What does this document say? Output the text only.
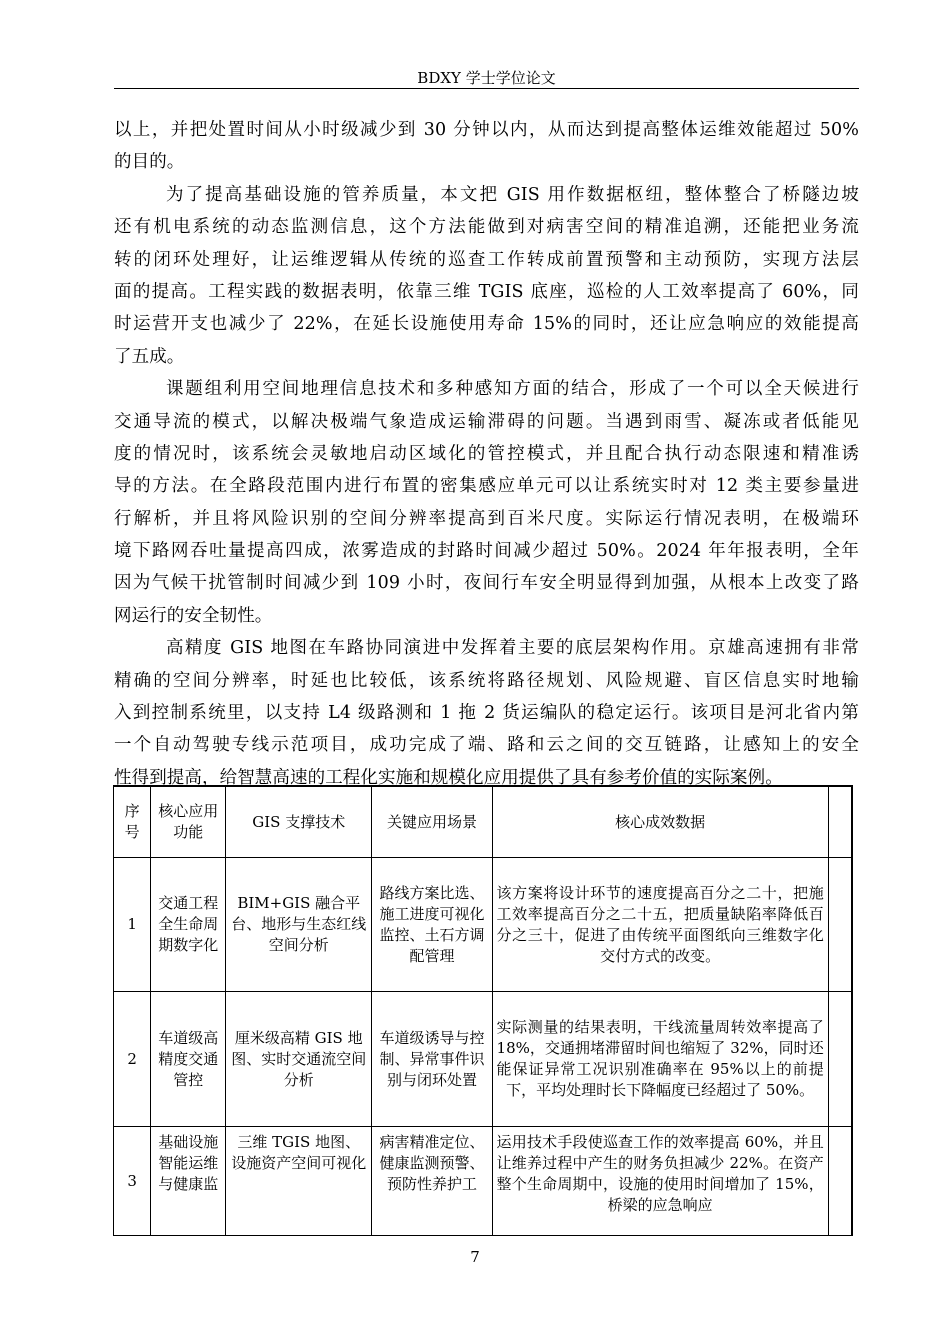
BDXY 学士学位论文
以上，并把处置时间从小时级减少到 30 分钟以内，从而达到提高整体运维效能超过 50%
的目的。
为了提高基础设施的管养质量，本文把 GIS 用作数据枢纽，整体整合了桥隧边坡
还有机电系统的动态监测信息，这个方法能做到对病害空间的精准追溯，还能把业务流
转的闭环处理好，让运维逻辑从传统的巡查工作转成前置预警和主动预防，实现方法层
面的提高。工程实践的数据表明，依靠三维 TGIS 底座，巡检的人工效率提高了 60%，同
时运营开支也减少了 22%，在延长设施使用寿命 15%的同时，还让应急响应的效能提高
了五成。
课题组利用空间地理信息技术和多种感知方面的结合，形成了一个可以全天候进行
交通导流的模式，以解决极端气象造成运输滞碍的问题。当遇到雨雪、凝冻或者低能见
度的情况时，该系统会灵敏地启动区域化的管控模式，并且配合执行动态限速和精准诱
导的方法。在全路段范围内进行布置的密集感应单元可以让系统实时对 12 类主要参量进
行解析，并且将风险识别的空间分辨率提高到百米尺度。实际运行情况表明，在极端环
境下路网吞吐量提高四成，浓雾造成的封路时间减少超过 50%。2024 年年报表明，全年
因为气候干扰管制时间减少到 109 小时，夜间行车安全明显得到加强，从根本上改变了路
网运行的安全韧性。
高精度 GIS 地图在车路协同演进中发挥着主要的底层架构作用。京雄高速拥有非常
精确的空间分辨率，时延也比较低，该系统将路径规划、风险规避、盲区信息实时地输
入到控制系统里，以支持 L4 级路测和 1 拖 2 货运编队的稳定运行。该项目是河北省内第
一个自动驾驶专线示范项目，成功完成了端、路和云之间的交互链路，让感知上的安全
性得到提高，给智慧高速的工程化实施和规模化应用提供了具有参考价值的实际案例。
序号	核心应用功能	GIS 支撑技术	关键应用场景	核心成效数据	
1	交通工程全生命周期数字化	BIM+GIS 融合平台、地形与生态红线空间分析	路线方案比选、施工进度可视化监控、土石方调配管理	该方案将设计环节的速度提高百分之二十，把施工效率提高百分之二十五，把质量缺陷率降低百分之三十，促进了由传统平面图纸向三维数字化交付方式的改变。	
2	车道级高精度交通管控	厘米级高精 GIS 地图、实时交通流空间分析	车道级诱导与控制、异常事件识别与闭环处置	实际测量的结果表明，干线流量周转效率提高了 18%，交通拥堵滞留时间也缩短了 32%，同时还能保证异常工况识别准确率在 95%以上的前提下，平均处理时长下降幅度已经超过了 50%。	
3	基础设施智能运维与健康监	三维 TGIS 地图、设施资产空间可视化	病害精准定位、健康监测预警、预防性养护工	运用技术手段使巡查工作的效率提高 60%，并且让维养过程中产生的财务负担减少 22%。在资产整个生命周期中，设施的使用时间增加了 15%，桥梁的应急响应	

7
